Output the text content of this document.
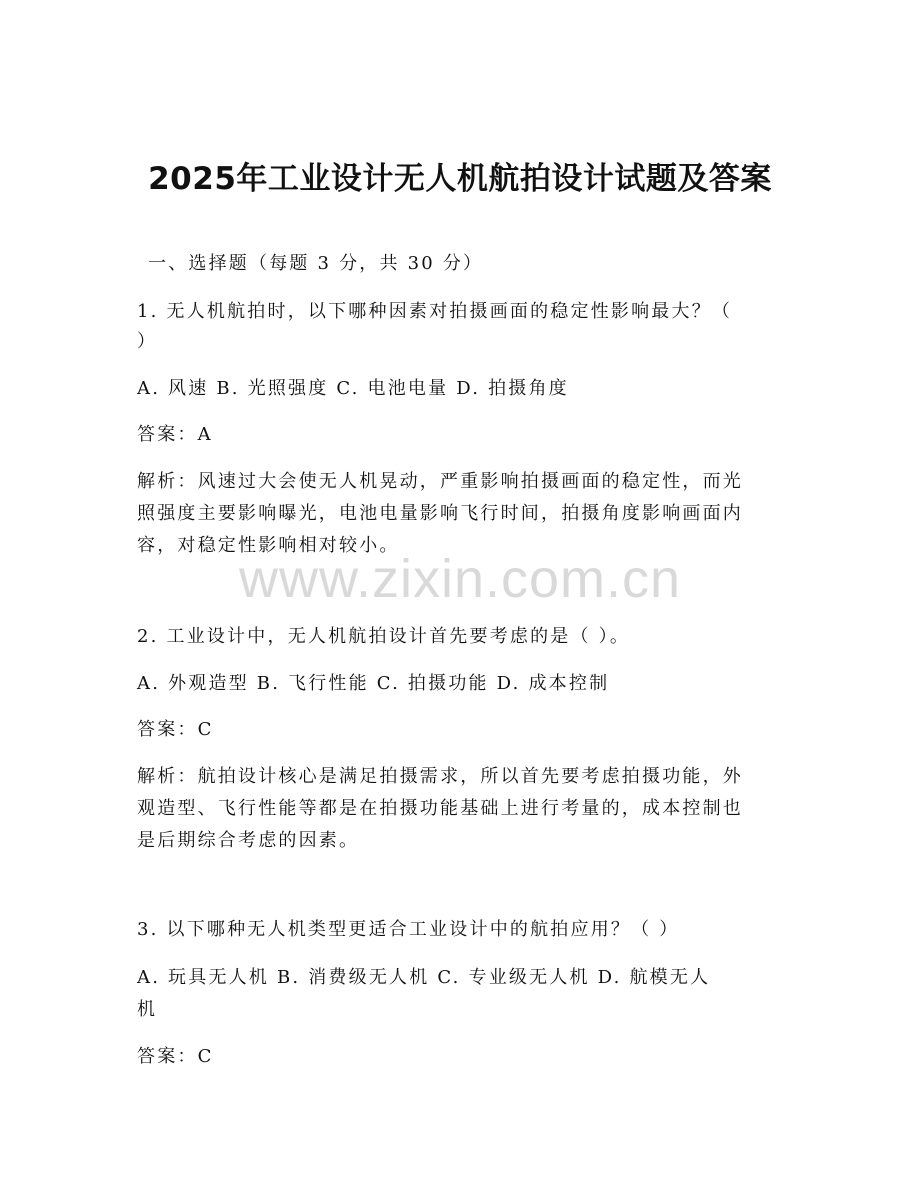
2025年工业设计无人机航拍设计试题及答案
一、选择题（每题 3 分，共 30 分）
1. 无人机航拍时，以下哪种因素对拍摄画面的稳定性影响最大？（
）
A. 风速 B. 光照强度 C. 电池电量 D. 拍摄角度
答案：A
解析：风速过大会使无人机晃动，严重影响拍摄画面的稳定性，而光
照强度主要影响曝光，电池电量影响飞行时间，拍摄角度影响画面内
容，对稳定性影响相对较小。
www.zixin.com.cn
2. 工业设计中，无人机航拍设计首先要考虑的是（ ）。
A. 外观造型 B. 飞行性能 C. 拍摄功能 D. 成本控制
答案：C
解析：航拍设计核心是满足拍摄需求，所以首先要考虑拍摄功能，外
观造型、飞行性能等都是在拍摄功能基础上进行考量的，成本控制也
是后期综合考虑的因素。
3. 以下哪种无人机类型更适合工业设计中的航拍应用？（ ）
A. 玩具无人机 B. 消费级无人机 C. 专业级无人机 D. 航模无人
机
答案：C
